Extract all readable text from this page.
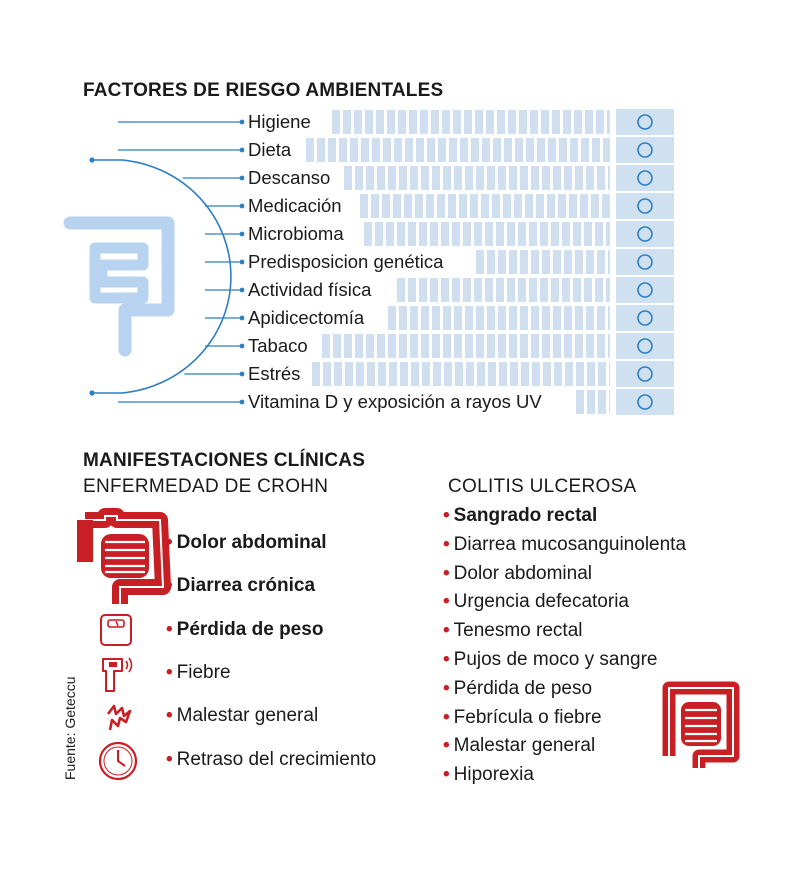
FACTORES DE RIESGO AMBIENTALES
Higiene
Dieta
Descanso
Medicación
Microbioma
Predisposicion genética
Actividad física
Apidicectomía
Tabaco
Estrés
Vitamina D y exposición a rayos UV
MANIFESTACIONES CLÍNICAS
ENFERMEDAD DE CROHN	COLITIS ULCEROSA
• Dolor abdominal
• Diarrea crónica
• Pérdida de peso
• Fiebre
• Malestar general
• Retraso del crecimiento
• Sangrado rectal
• Diarrea mucosanguinolenta
• Dolor abdominal
• Urgencia defecatoria
• Tenesmo rectal
• Pujos de moco y sangre
• Pérdida de peso
• Febrícula o fiebre
• Malestar general
• Hiporexia
Fuente: Geteccu
